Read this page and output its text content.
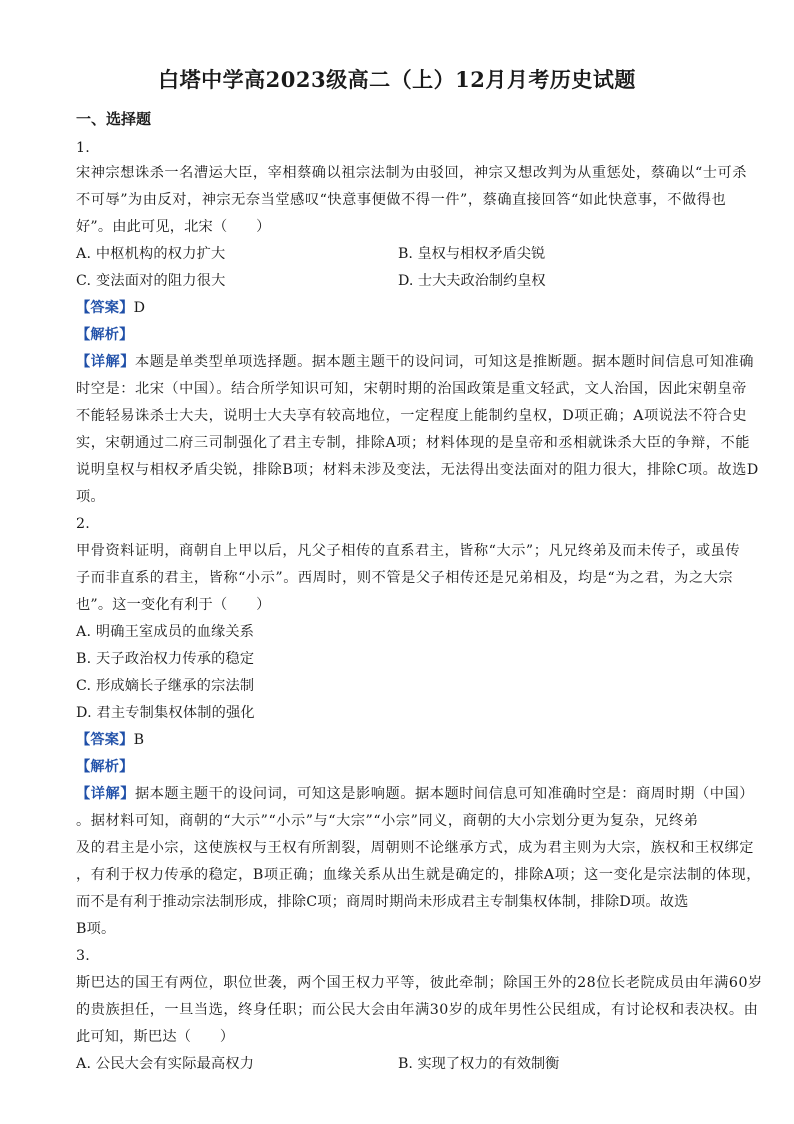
白塔中学高2023级高二（上）12月月考历史试题
一、选择题
1.
宋神宗想诛杀一名漕运大臣，宰相蔡确以祖宗法制为由驳回，神宗又想改判为从重惩处，蔡确以“士可杀
不可辱”为由反对，神宗无奈当堂感叹“快意事便做不得一件”，蔡确直接回答“如此快意事，不做得也
好”。由此可见，北宋（　　）
A. 中枢机构的权力扩大	B. 皇权与相权矛盾尖锐
C. 变法面对的阻力很大	D. 士大夫政治制约皇权
【答案】D
【解析】
【详解】本题是单类型单项选择题。据本题主题干的设问词，可知这是推断题。据本题时间信息可知准确
时空是：北宋（中国）。结合所学知识可知，宋朝时期的治国政策是重文轻武，文人治国，因此宋朝皇帝
不能轻易诛杀士大夫，说明士大夫享有较高地位，一定程度上能制约皇权，D项正确；A项说法不符合史
实，宋朝通过二府三司制强化了君主专制，排除A项；材料体现的是皇帝和丞相就诛杀大臣的争辩，不能
说明皇权与相权矛盾尖锐，排除B项；材料未涉及变法，无法得出变法面对的阻力很大，排除C项。故选D
项。
2.
甲骨资料证明，商朝自上甲以后，凡父子相传的直系君主，皆称“大示”；凡兄终弟及而未传子，或虽传
子而非直系的君主，皆称“小示”。西周时，则不管是父子相传还是兄弟相及，均是“为之君，为之大宗
也”。这一变化有利于（　　）
A. 明确王室成员的血缘关系
B. 天子政治权力传承的稳定
C. 形成嫡长子继承的宗法制
D. 君主专制集权体制的强化
【答案】B
【解析】
【详解】据本题主题干的设问词，可知这是影响题。据本题时间信息可知准确时空是：商周时期（中国）
。据材料可知，商朝的“大示”“小示”与“大宗”“小宗”同义，商朝的大小宗划分更为复杂，兄终弟
及的君主是小宗，这使族权与王权有所割裂，周朝则不论继承方式，成为君主则为大宗，族权和王权绑定
，有利于权力传承的稳定，B项正确；血缘关系从出生就是确定的，排除A项；这一变化是宗法制的体现，
而不是有利于推动宗法制形成，排除C项；商周时期尚未形成君主专制集权体制，排除D项。故选
B项。
3.
斯巴达的国王有两位，职位世袭，两个国王权力平等，彼此牵制；除国王外的28位长老院成员由年满60岁
的贵族担任，一旦当选，终身任职；而公民大会由年满30岁的成年男性公民组成，有讨论权和表决权。由
此可知，斯巴达（　　）
A. 公民大会有实际最高权力	B. 实现了权力的有效制衡
